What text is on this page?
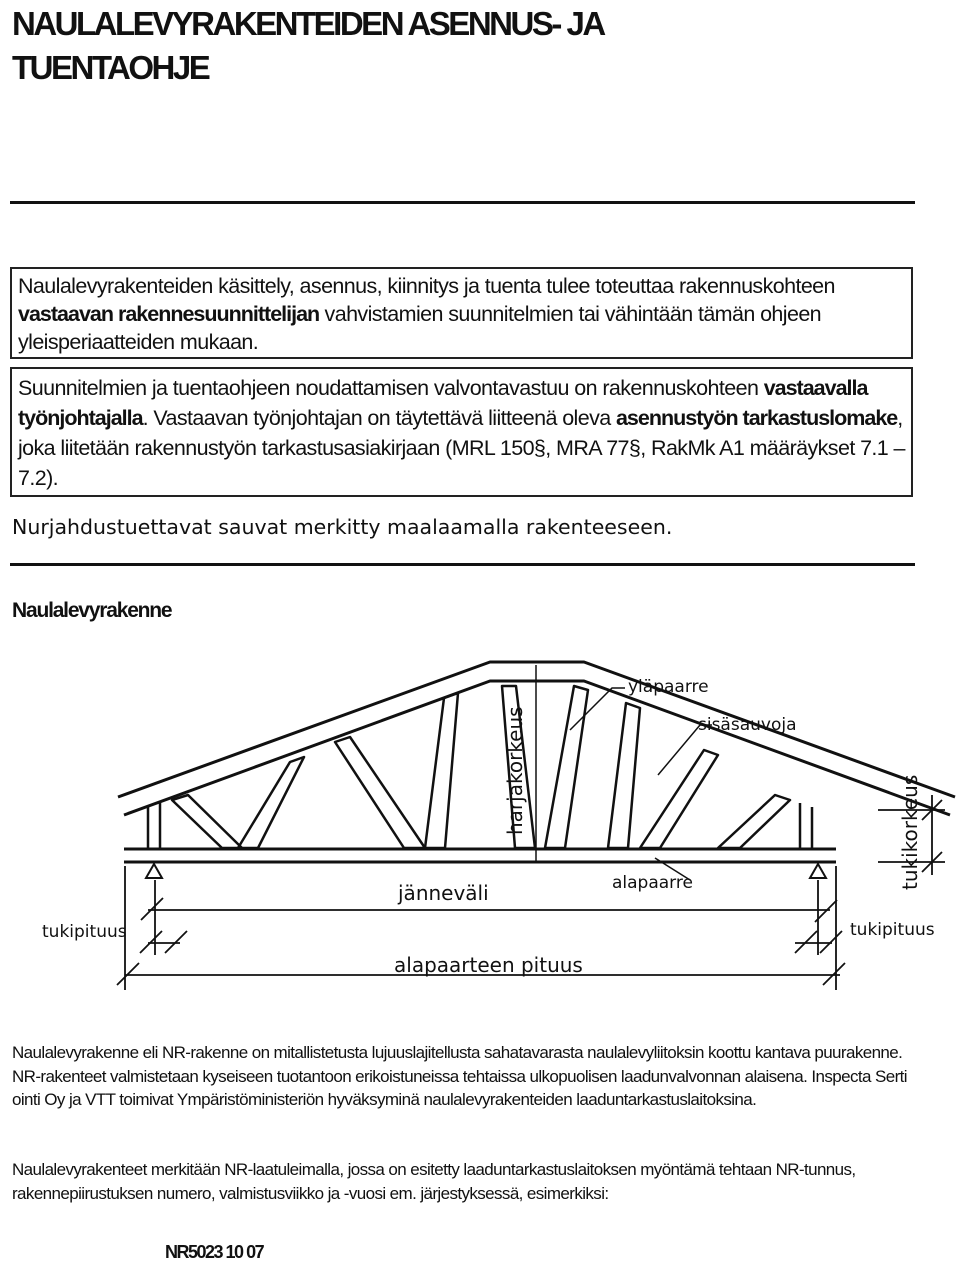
NAULALEVYRAKENTEIDEN ASENNUS- JA
TUENTAOHJE

Naulalevyrakenteiden käsittely, asennus, kiinnitys ja tuenta tulee toteuttaa rakennuskohteen vastaavan rakennesuunnittelijan vahvistamien suunnitelmien tai vähintään tämän ohjeen yleisperiaatteiden mukaan.

Suunnitelmien ja tuentaohjeen noudattamisen valvontavastuu on rakennuskohteen vastaavalla työnjohtajalla. Vastaavan työnjohtajan on täytettävä liitteenä oleva asennustyön tarkastuslomake, joka liitetään rakennustyön tarkastusasiakirjaan (MRL 150§, MRA 77§, RakMk A1 määräykset 7.1 – 7.2).

Nurjahdustuettavat sauvat merkitty maalaamalla rakenteeseen.

Naulalevyrakenne

yläpaarre
sisäsauvoja
harjakorkeus	tukikorkeus
jänneväli	alapaarre
tukipituus	tukipituus
alapaarteen pituus

Naulalevyrakenne eli NR-rakenne on mitallistetusta lujuuslajitellusta sahatavarasta naulalevyliitoksin koottu kantava puurakenne. NR-rakenteet valmistetaan kyseiseen tuotantoon erikoistuneissa tehtaissa ulkopuolisen laadunvalvonnan alaisena. Inspecta Serti ointi Oy ja VTT toimivat Ympäristöministeriön hyväksyminä naulalevyrakenteiden laaduntarkastuslaitoksina.

Naulalevyrakenteet merkitään NR-laatuleimalla, jossa on esitetty laaduntarkastuslaitoksen myöntämä tehtaan NR-tunnus, rakennepiirustuksen numero, valmistusviikko ja -vuosi em. järjestyksessä, esimerkiksi:

NR5023 10 07
